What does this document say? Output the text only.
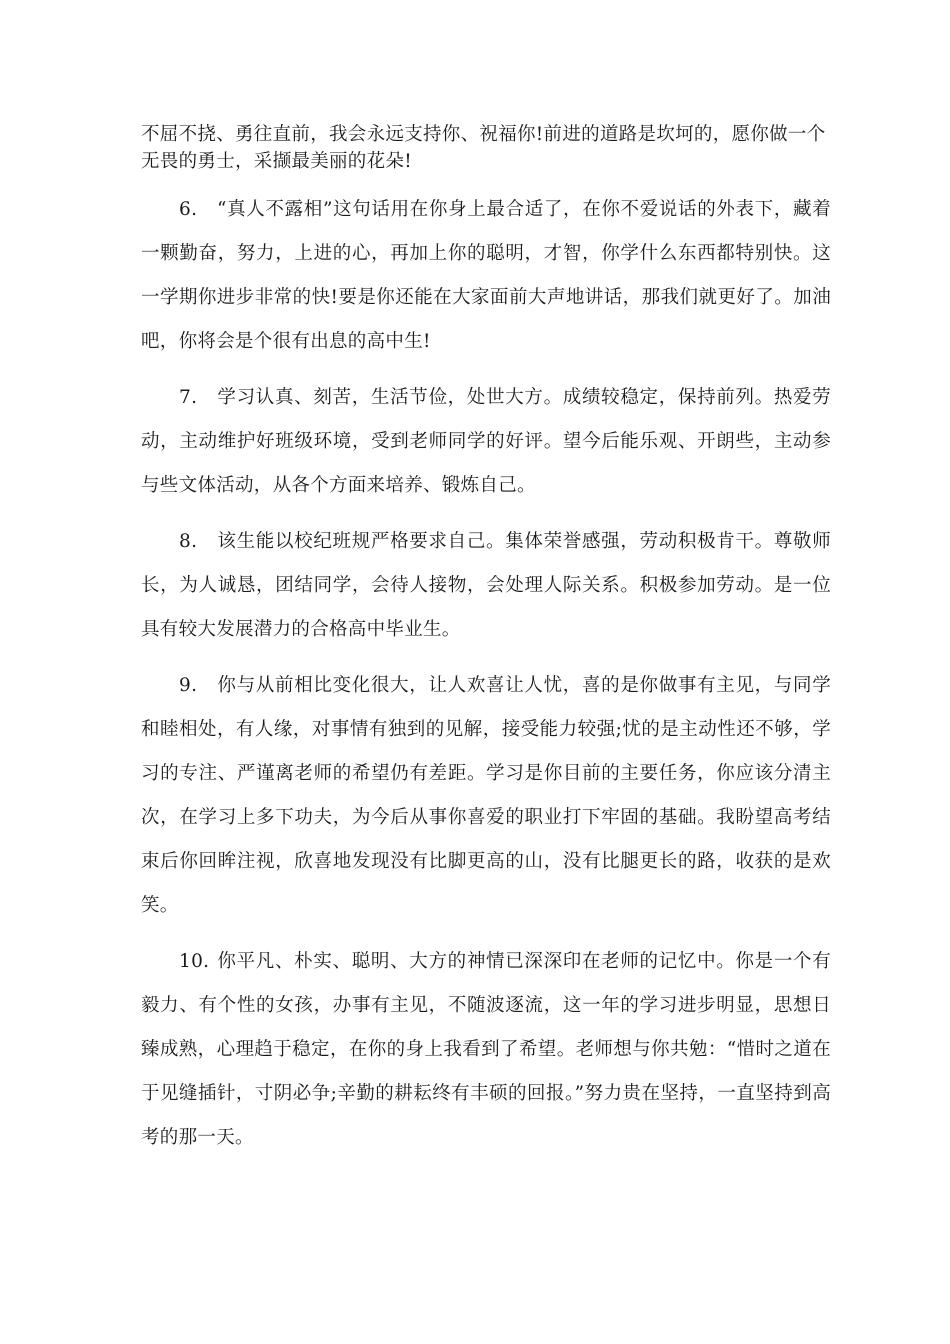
不屈不挠、勇往直前，我会永远支持你、祝福你!前进的道路是坎坷的，愿你做一个无畏的勇士，采撷最美丽的花朵!

6. “真人不露相”这句话用在你身上最合适了，在你不爱说话的外表下，藏着一颗勤奋，努力，上进的心，再加上你的聪明，才智，你学什么东西都特别快。这一学期你进步非常的快!要是你还能在大家面前大声地讲话，那我们就更好了。加油吧，你将会是个很有出息的高中生!

7. 学习认真、刻苦，生活节俭，处世大方。成绩较稳定，保持前列。热爱劳动，主动维护好班级环境，受到老师同学的好评。望今后能乐观、开朗些，主动参与些文体活动，从各个方面来培养、锻炼自己。

8. 该生能以校纪班规严格要求自己。集体荣誉感强，劳动积极肯干。尊敬师长，为人诚恳，团结同学，会待人接物，会处理人际关系。积极参加劳动。是一位具有较大发展潜力的合格高中毕业生。

9. 你与从前相比变化很大，让人欢喜让人忧，喜的是你做事有主见，与同学和睦相处，有人缘，对事情有独到的见解，接受能力较强;忧的是主动性还不够，学习的专注、严谨离老师的希望仍有差距。学习是你目前的主要任务，你应该分清主次，在学习上多下功夫，为今后从事你喜爱的职业打下牢固的基础。我盼望高考结束后你回眸注视，欣喜地发现没有比脚更高的山，没有比腿更长的路，收获的是欢笑。

10. 你平凡、朴实、聪明、大方的神情已深深印在老师的记忆中。你是一个有毅力、有个性的女孩，办事有主见，不随波逐流，这一年的学习进步明显，思想日臻成熟，心理趋于稳定，在你的身上我看到了希望。老师想与你共勉：“惜时之道在于见缝插针，寸阴必争;辛勤的耕耘终有丰硕的回报。”努力贵在坚持，一直坚持到高考的那一天。
